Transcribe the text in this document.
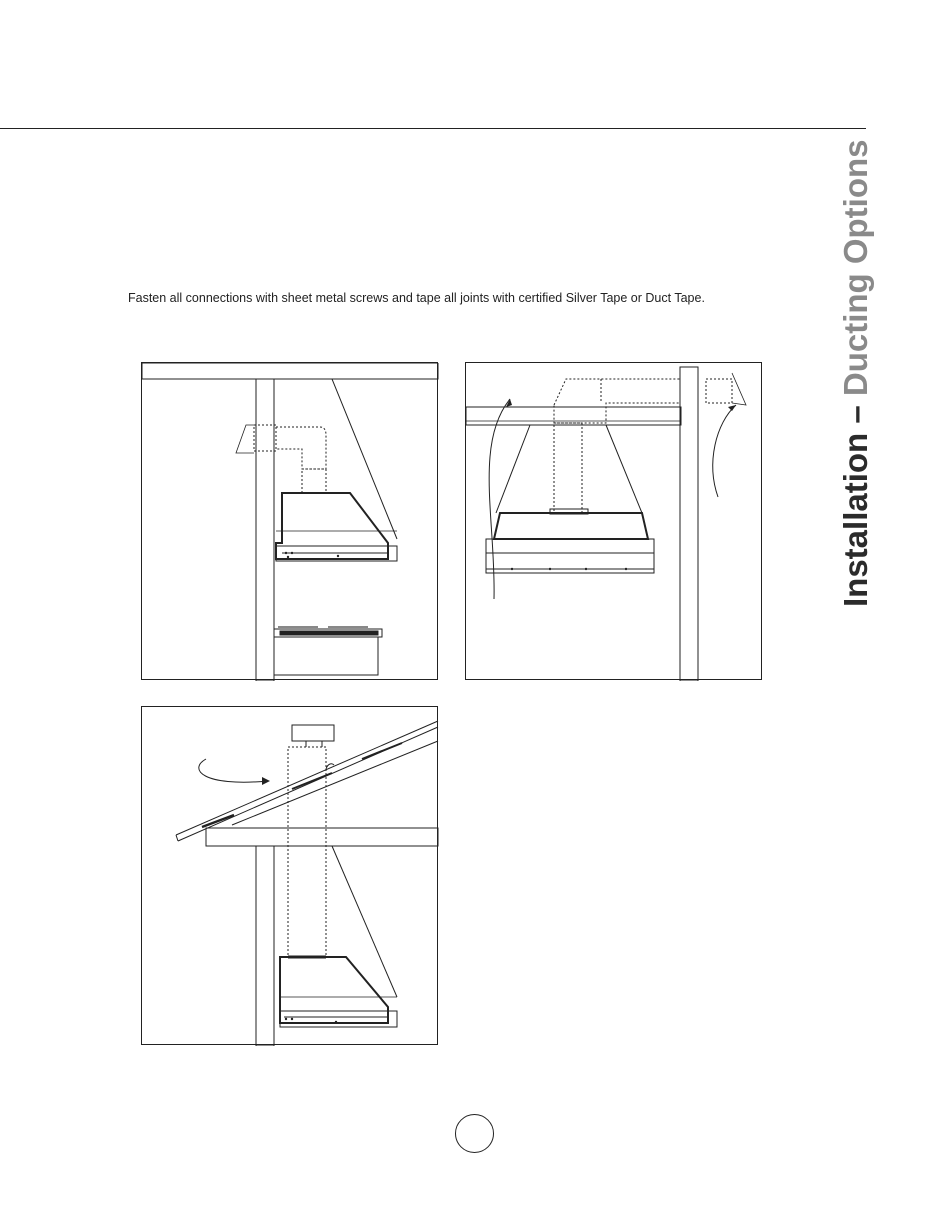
Installation – Ducting Options
Fasten all connections with sheet metal screws and tape all joints with certified Silver Tape or Duct Tape.
